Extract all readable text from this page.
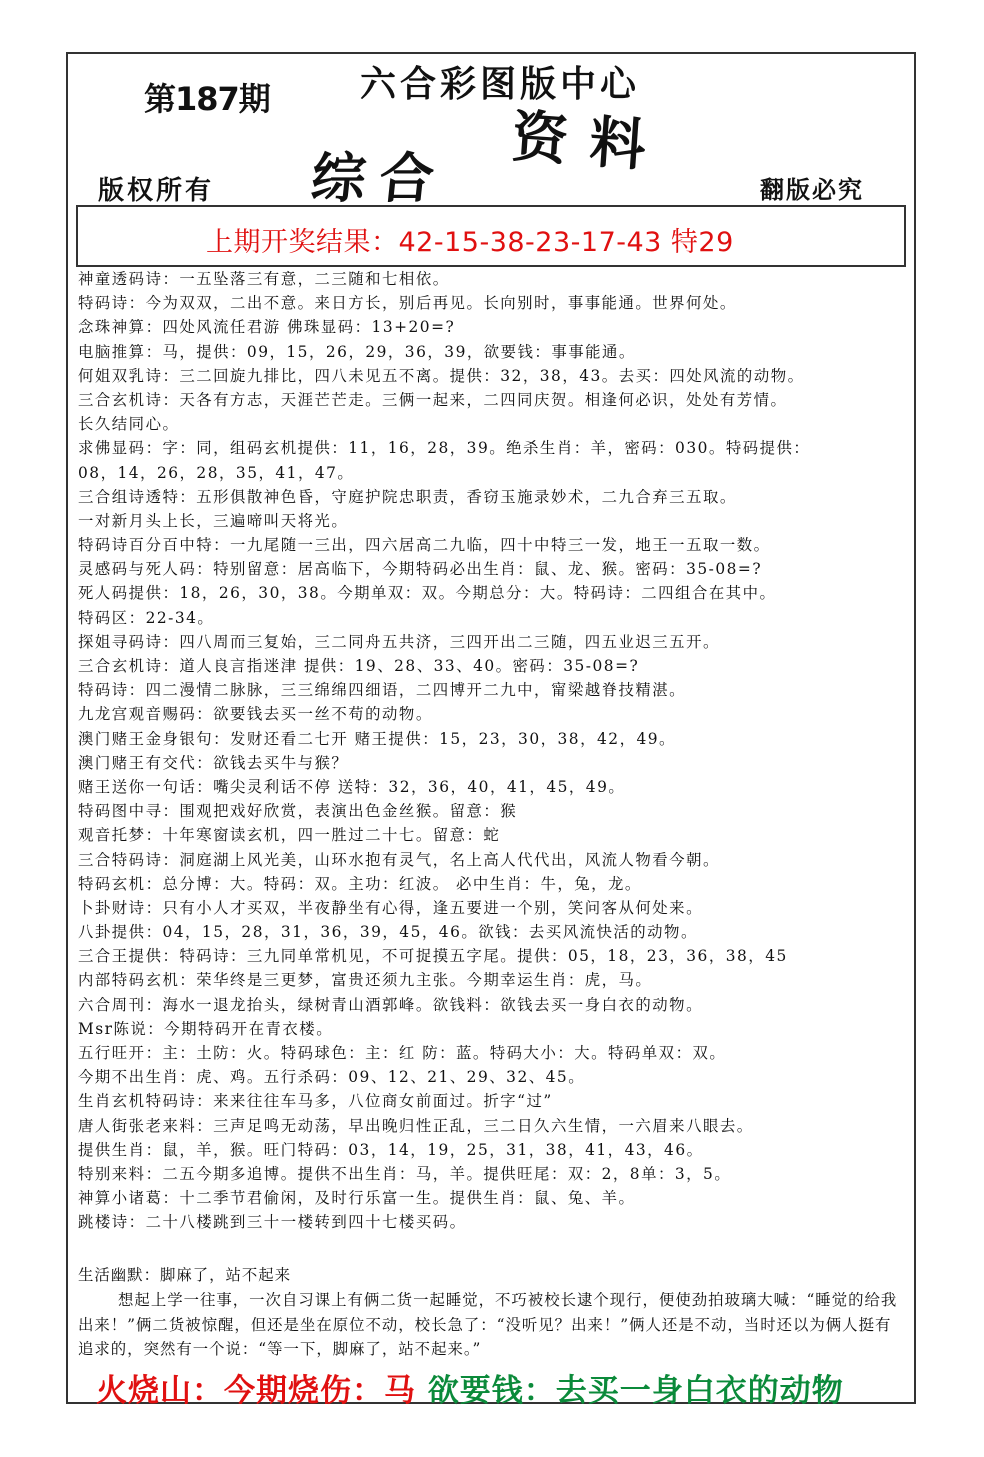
第187期	六合彩图版中心
综合 资料
版权所有	翻版必究
上期开奖结果：42-15-38-23-17-43 特29
神童透码诗：一五坠落三有意，二三随和七相依。
特码诗：今为双双，二出不意。来日方长，别后再见。长向别时，事事能通。世界何处。
念珠神算：四处风流任君游 佛珠显码：13+20=?
电脑推算：马，提供：09，15，26，29，36，39，欲要钱：事事能通。
何姐双乳诗：三二回旋九排比，四八未见五不离。提供：32，38，43。去买：四处风流的动物。
三合玄机诗：天各有方志，天涯芒芒走。三俩一起来，二四同庆贺。相逢何必识，处处有芳情。
长久结同心。
求佛显码：字：同，组码玄机提供：11，16，28，39。绝杀生肖：羊，密码：030。特码提供：
08，14，26，28，35，41，47。
三合组诗透特：五形俱散神色昏，守庭护院忠职责，香窃玉施录妙术，二九合弃三五取。
一对新月头上长，三遍啼叫天将光。
特码诗百分百中特：一九尾随一三出，四六居高二九临，四十中特三一发，地王一五取一数。
灵感码与死人码：特别留意：居高临下，今期特码必出生肖：鼠、龙、猴。密码：35-08=?
死人码提供：18，26，30，38。今期单双：双。今期总分：大。特码诗：二四组合在其中。
特码区：22-34。
探姐寻码诗：四八周而三复始，三二同舟五共济，三四开出二三随，四五业迟三五开。
三合玄机诗：道人良言指迷津 提供：19、28、33、40。密码：35-08=?
特码诗：四二漫情二脉脉，三三绵绵四细语，二四博开二九中，甯梁越脊技精湛。
九龙宫观音赐码：欲要钱去买一丝不苟的动物。
澳门赌王金身银句：发财还看二七开 赌王提供：15，23，30，38，42，49。
澳门赌王有交代：欲钱去买牛与猴？
赌王送你一句话：嘴尖灵利话不停 送特：32，36，40，41，45，49。
特码图中寻：围观把戏好欣赏，表演出色金丝猴。留意：猴
观音托梦：十年寒窗读玄机，四一胜过二十七。留意：蛇
三合特码诗：洞庭湖上风光美，山环水抱有灵气，名上高人代代出，风流人物看今朝。
特码玄机：总分博：大。特码：双。主功：红波。 必中生肖：牛，兔，龙。
卜卦财诗：只有小人才买双，半夜静坐有心得，逢五要进一个别，笑问客从何处来。
八卦提供：04，15，28，31，36，39，45，46。欲钱：去买风流快活的动物。
三合王提供：特码诗：三九同单常机见，不可捉摸五字尾。提供：05，18，23，36，38，45
内部特码玄机：荣华终是三更梦，富贵还须九主张。今期幸运生肖：虎，马。
六合周刊：海水一退龙抬头，绿树青山酒郭峰。欲钱料：欲钱去买一身白衣的动物。
Msr陈说：今期特码开在青衣楼。
五行旺开：主：土防：火。特码球色：主：红 防：蓝。特码大小：大。特码单双：双。
今期不出生肖：虎、鸡。五行杀码：09、12、21、29、32、45。
生肖玄机特码诗：来来往往车马多，八位商女前面过。折字“过”
唐人街张老来料：三声足鸣无动荡，早出晚归性正乱，三二日久六生情，一六眉来八眼去。
提供生肖：鼠，羊，猴。旺门特码：03，14，19，25，31，38，41，43，46。
特别来料：二五今期多追博。提供不出生肖：马，羊。提供旺尾：双：2，8单：3，5。
神算小诸葛：十二季节君偷闲，及时行乐富一生。提供生肖：鼠、兔、羊。
跳楼诗：二十八楼跳到三十一楼转到四十七楼买码。
生活幽默：脚麻了，站不起来
想起上学一往事，一次自习课上有俩二货一起睡觉，不巧被校长逮个现行，便使劲拍玻璃大喊：“睡觉的给我出来！”俩二货被惊醒，但还是坐在原位不动，校长急了：“没听见？出来！”俩人还是不动，当时还以为俩人挺有追求的，突然有一个说：“等一下，脚麻了，站不起来。”
火烧山：今期烧伤：马 欲要钱：去买一身白衣的动物
